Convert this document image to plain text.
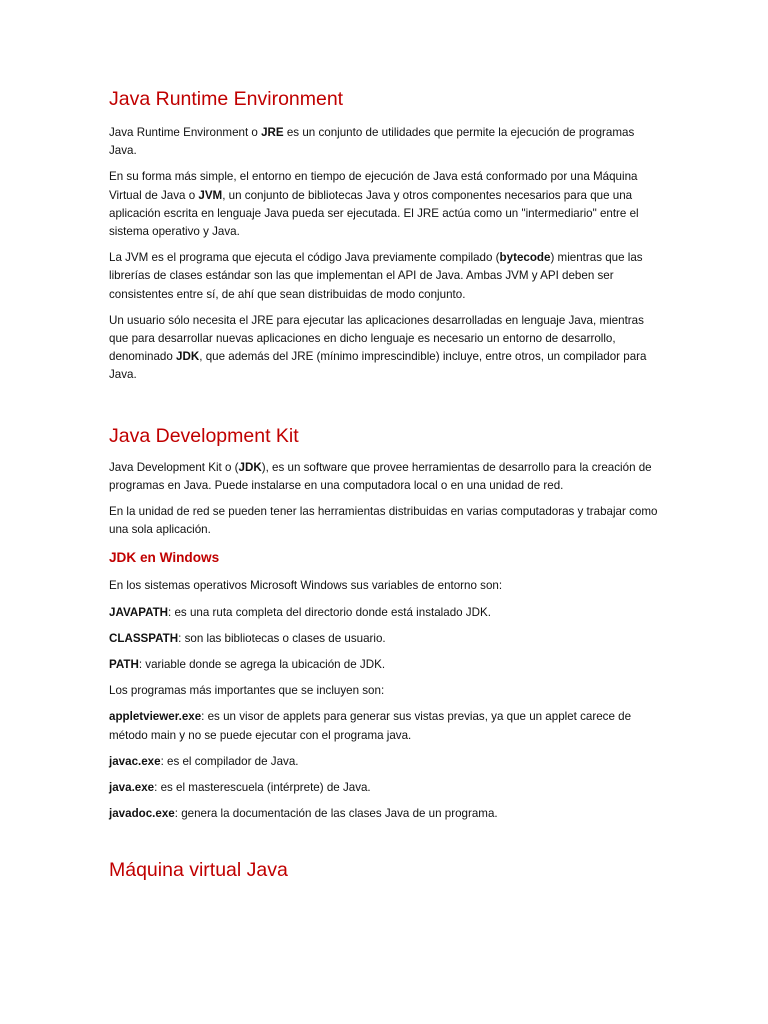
Java Runtime Environment

Java Runtime Environment o JRE es un conjunto de utilidades que permite la ejecución de programas Java.

En su forma más simple, el entorno en tiempo de ejecución de Java está conformado por una Máquina Virtual de Java o JVM, un conjunto de bibliotecas Java y otros componentes necesarios para que una aplicación escrita en lenguaje Java pueda ser ejecutada. El JRE actúa como un "intermediario" entre el sistema operativo y Java.

La JVM es el programa que ejecuta el código Java previamente compilado (bytecode) mientras que las librerías de clases estándar son las que implementan el API de Java. Ambas JVM y API deben ser consistentes entre sí, de ahí que sean distribuidas de modo conjunto.

Un usuario sólo necesita el JRE para ejecutar las aplicaciones desarrolladas en lenguaje Java, mientras que para desarrollar nuevas aplicaciones en dicho lenguaje es necesario un entorno de desarrollo, denominado JDK, que además del JRE (mínimo imprescindible) incluye, entre otros, un compilador para Java.

Java Development Kit

Java Development Kit o (JDK), es un software que provee herramientas de desarrollo para la creación de programas en Java. Puede instalarse en una computadora local o en una unidad de red.

En la unidad de red se pueden tener las herramientas distribuidas en varias computadoras y trabajar como una sola aplicación.

JDK en Windows

En los sistemas operativos Microsoft Windows sus variables de entorno son:

JAVAPATH: es una ruta completa del directorio donde está instalado JDK.

CLASSPATH: son las bibliotecas o clases de usuario.

PATH: variable donde se agrega la ubicación de JDK.

Los programas más importantes que se incluyen son:

appletviewer.exe: es un visor de applets para generar sus vistas previas, ya que un applet carece de método main y no se puede ejecutar con el programa java.

javac.exe: es el compilador de Java.

java.exe: es el masterescuela (intérprete) de Java.

javadoc.exe: genera la documentación de las clases Java de un programa.

Máquina virtual Java
